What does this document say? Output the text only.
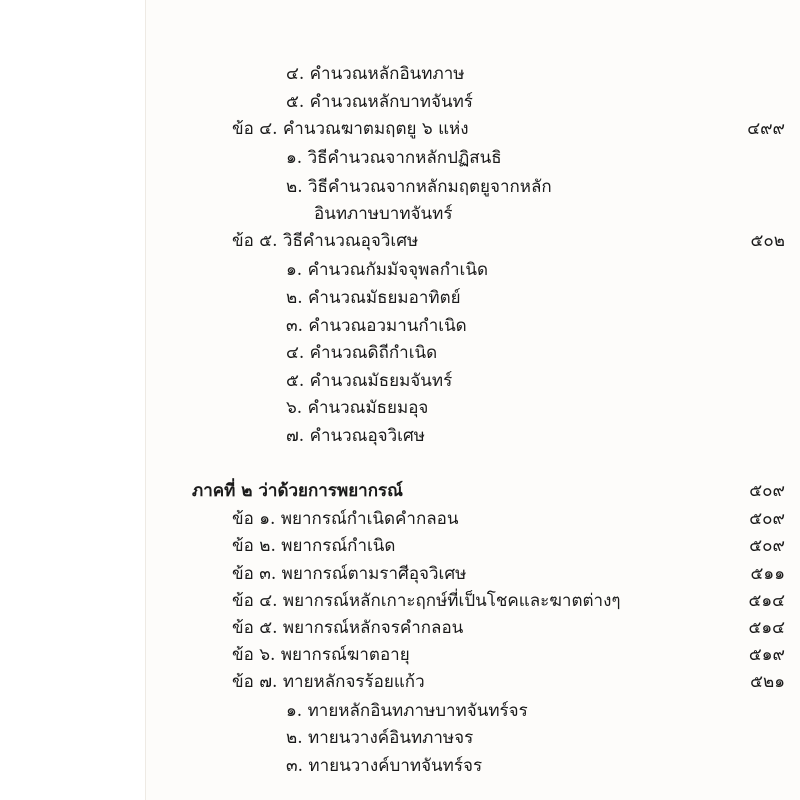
๔. คำนวณหลักอินทภาษ
๕. คำนวณหลักบาทจันทร์
ข้อ ๔. คำนวณฆาตมฤตยู ๖ แห่ง	๔๙๙
๑. วิธีคำนวณจากหลักปฏิสนธิ
๒. วิธีคำนวณจากหลักมฤตยูจากหลัก
อินทภาษบาทจันทร์
ข้อ ๕. วิธีคำนวณอุจวิเศษ	๕๐๒
๑. คำนวณกัมมัจจุพลกำเนิด
๒. คำนวณมัธยมอาทิตย์
๓. คำนวณอวมานกำเนิด
๔. คำนวณดิถีกำเนิด
๕. คำนวณมัธยมจันทร์
๖. คำนวณมัธยมอุจ
๗. คำนวณอุจวิเศษ
ภาคที่ ๒ ว่าด้วยการพยากรณ์	๕๐๙
ข้อ ๑. พยากรณ์กำเนิดคำกลอน	๕๐๙
ข้อ ๒. พยากรณ์กำเนิด	๕๐๙
ข้อ ๓. พยากรณ์ตามราศีอุจวิเศษ	๕๑๑
ข้อ ๔. พยากรณ์หลักเกาะฤกษ์ที่เป็นโชคและฆาตต่างๆ	๕๑๔
ข้อ ๕. พยากรณ์หลักจรคำกลอน	๕๑๔
ข้อ ๖. พยากรณ์ฆาตอายุ	๕๑๙
ข้อ ๗. ทายหลักจรร้อยแก้ว	๕๒๑
๑. ทายหลักอินทภาษบาทจันทร์จร
๒. ทายนวางค์อินทภาษจร
๓. ทายนวางค์บาทจันทร์จร
